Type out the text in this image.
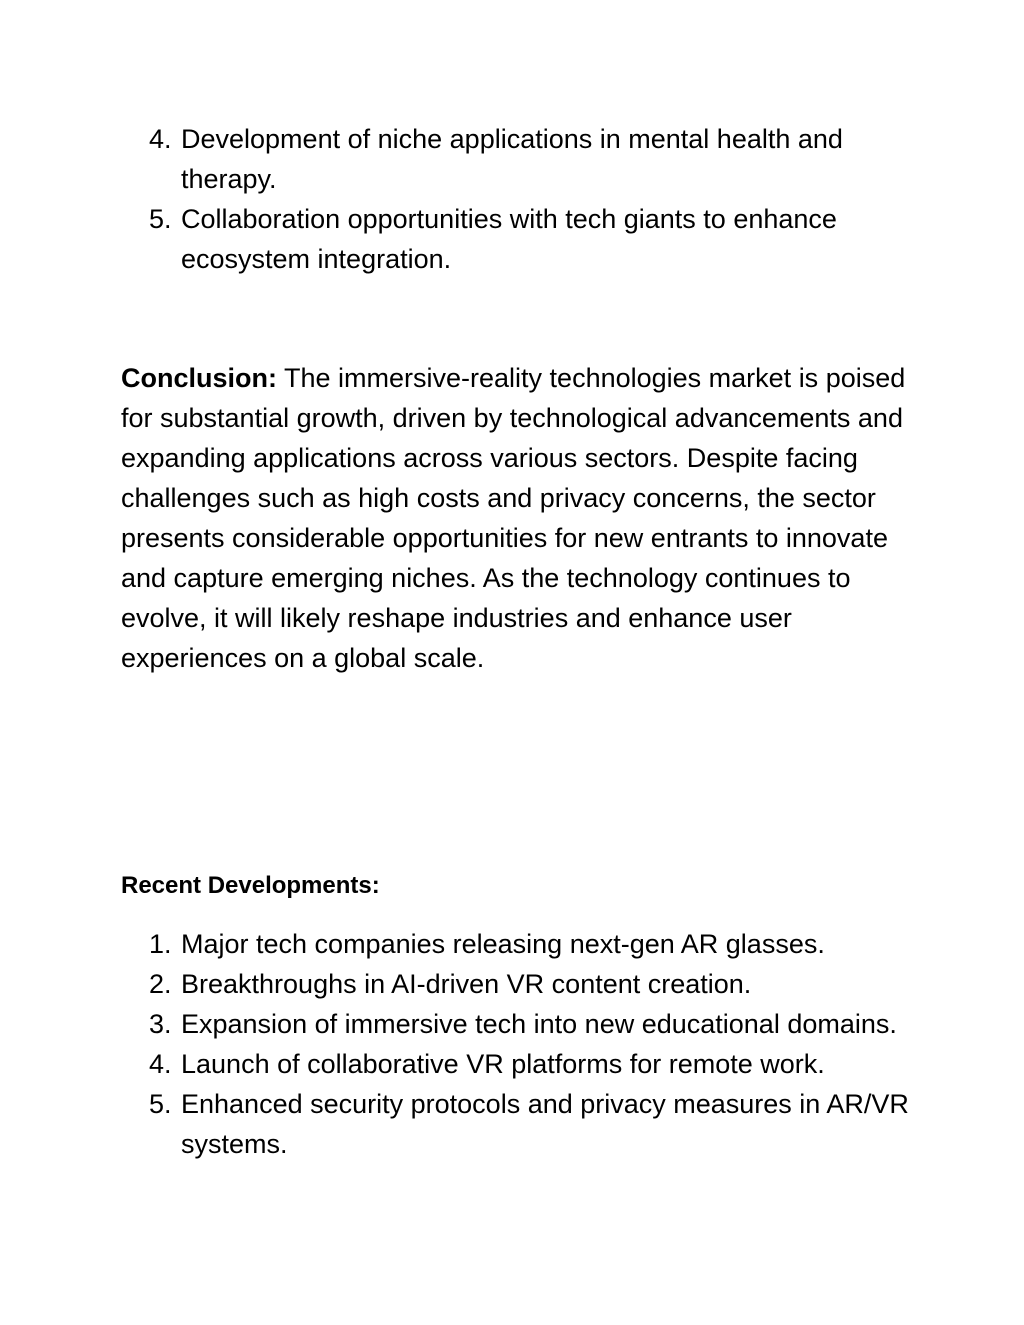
4. Development of niche applications in mental health and therapy.
5. Collaboration opportunities with tech giants to enhance ecosystem integration.

Conclusion: The immersive-reality technologies market is poised for substantial growth, driven by technological advancements and expanding applications across various sectors. Despite facing challenges such as high costs and privacy concerns, the sector presents considerable opportunities for new entrants to innovate and capture emerging niches. As the technology continues to evolve, it will likely reshape industries and enhance user experiences on a global scale.

Recent Developments:
1. Major tech companies releasing next-gen AR glasses.
2. Breakthroughs in AI-driven VR content creation.
3. Expansion of immersive tech into new educational domains.
4. Launch of collaborative VR platforms for remote work.
5. Enhanced security protocols and privacy measures in AR/VR systems.
